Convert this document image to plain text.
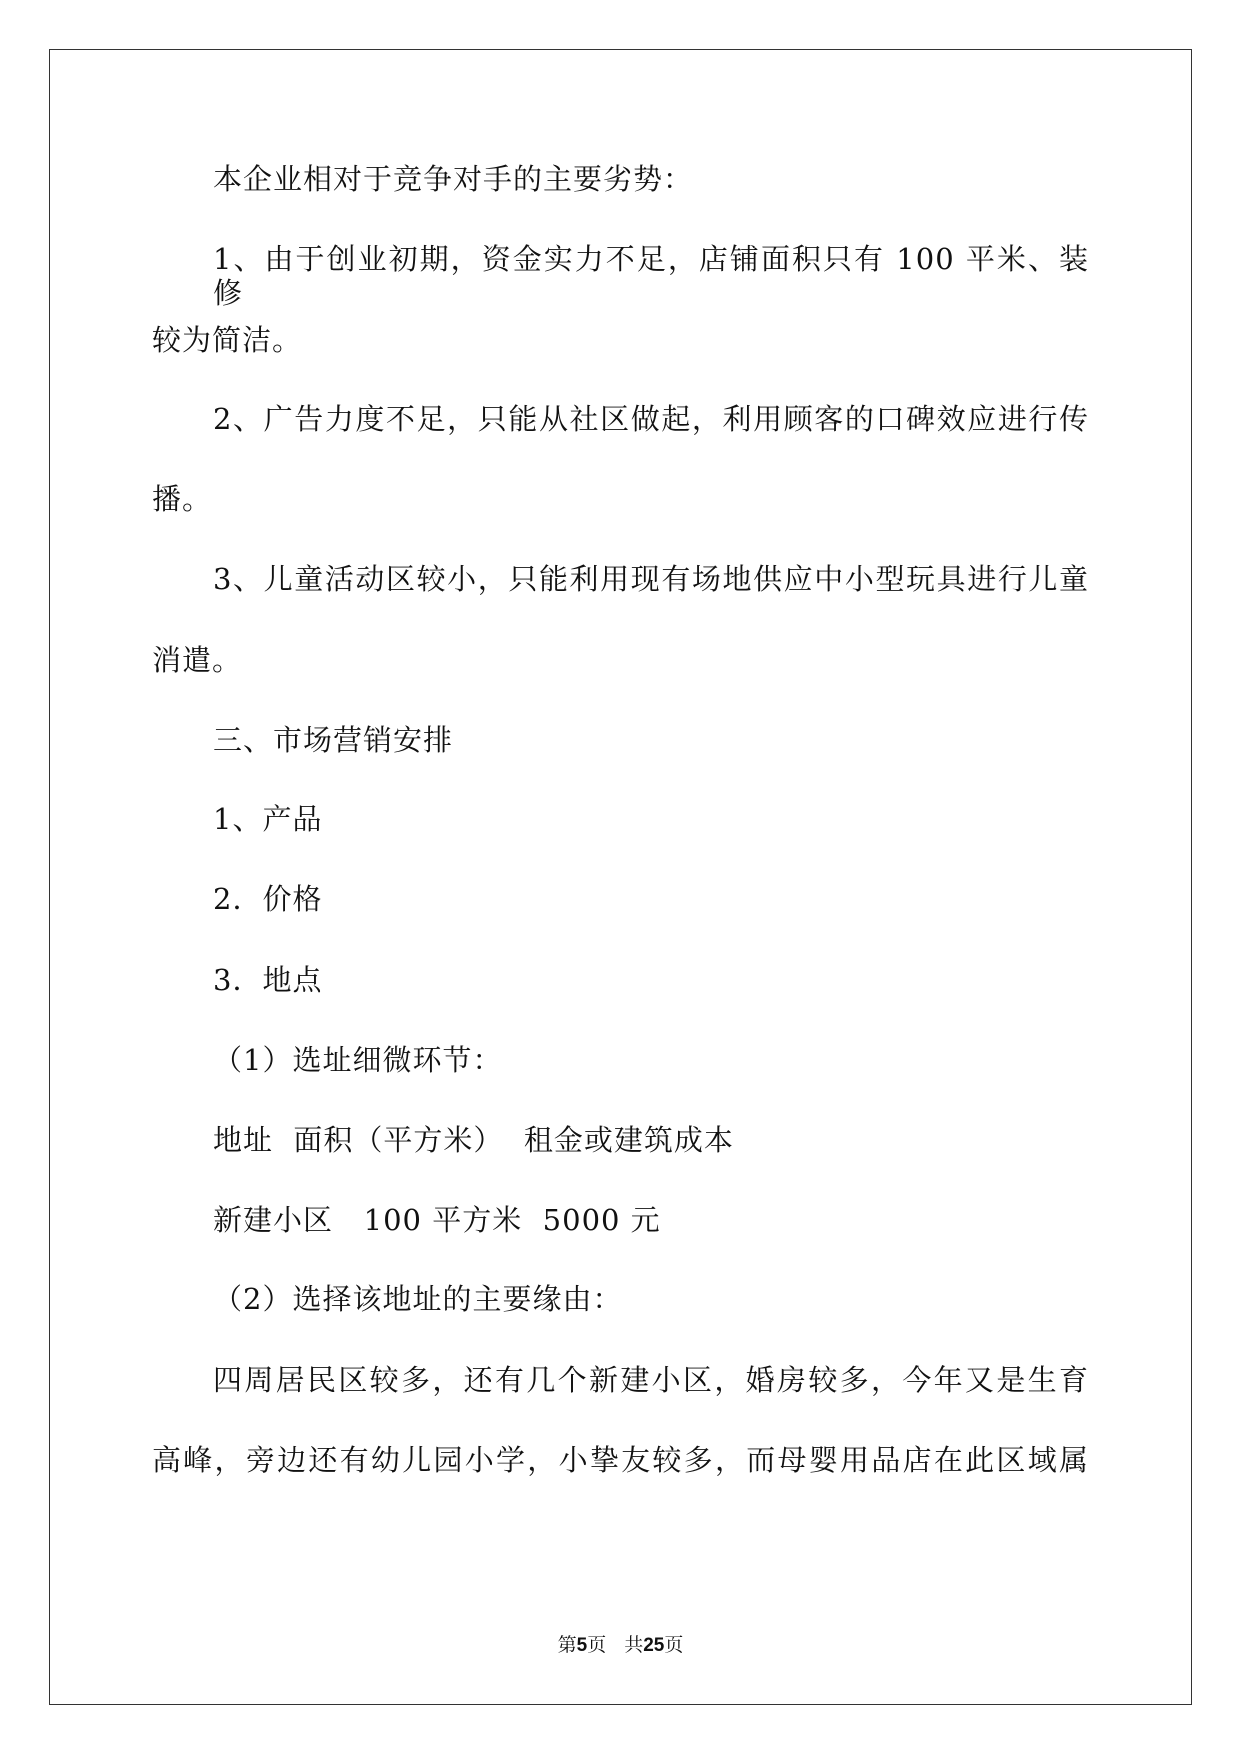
本企业相对于竞争对手的主要劣势：
1、由于创业初期，资金实力不足，店铺面积只有 100 平米、装修
较为简洁。
2、广告力度不足，只能从社区做起，利用顾客的口碑效应进行传
播。
3、儿童活动区较小，只能利用现有场地供应中小型玩具进行儿童
消遣。
三、市场营销安排
1、产品
2．价格
3．地点
（1）选址细微环节：
地址  面积（平方米）  租金或建筑成本
新建小区   100 平方米  5000 元
（2）选择该地址的主要缘由：
四周居民区较多，还有几个新建小区，婚房较多，今年又是生育
高峰，旁边还有幼儿园小学，小挚友较多，而母婴用品店在此区域属
第5页 共25页
